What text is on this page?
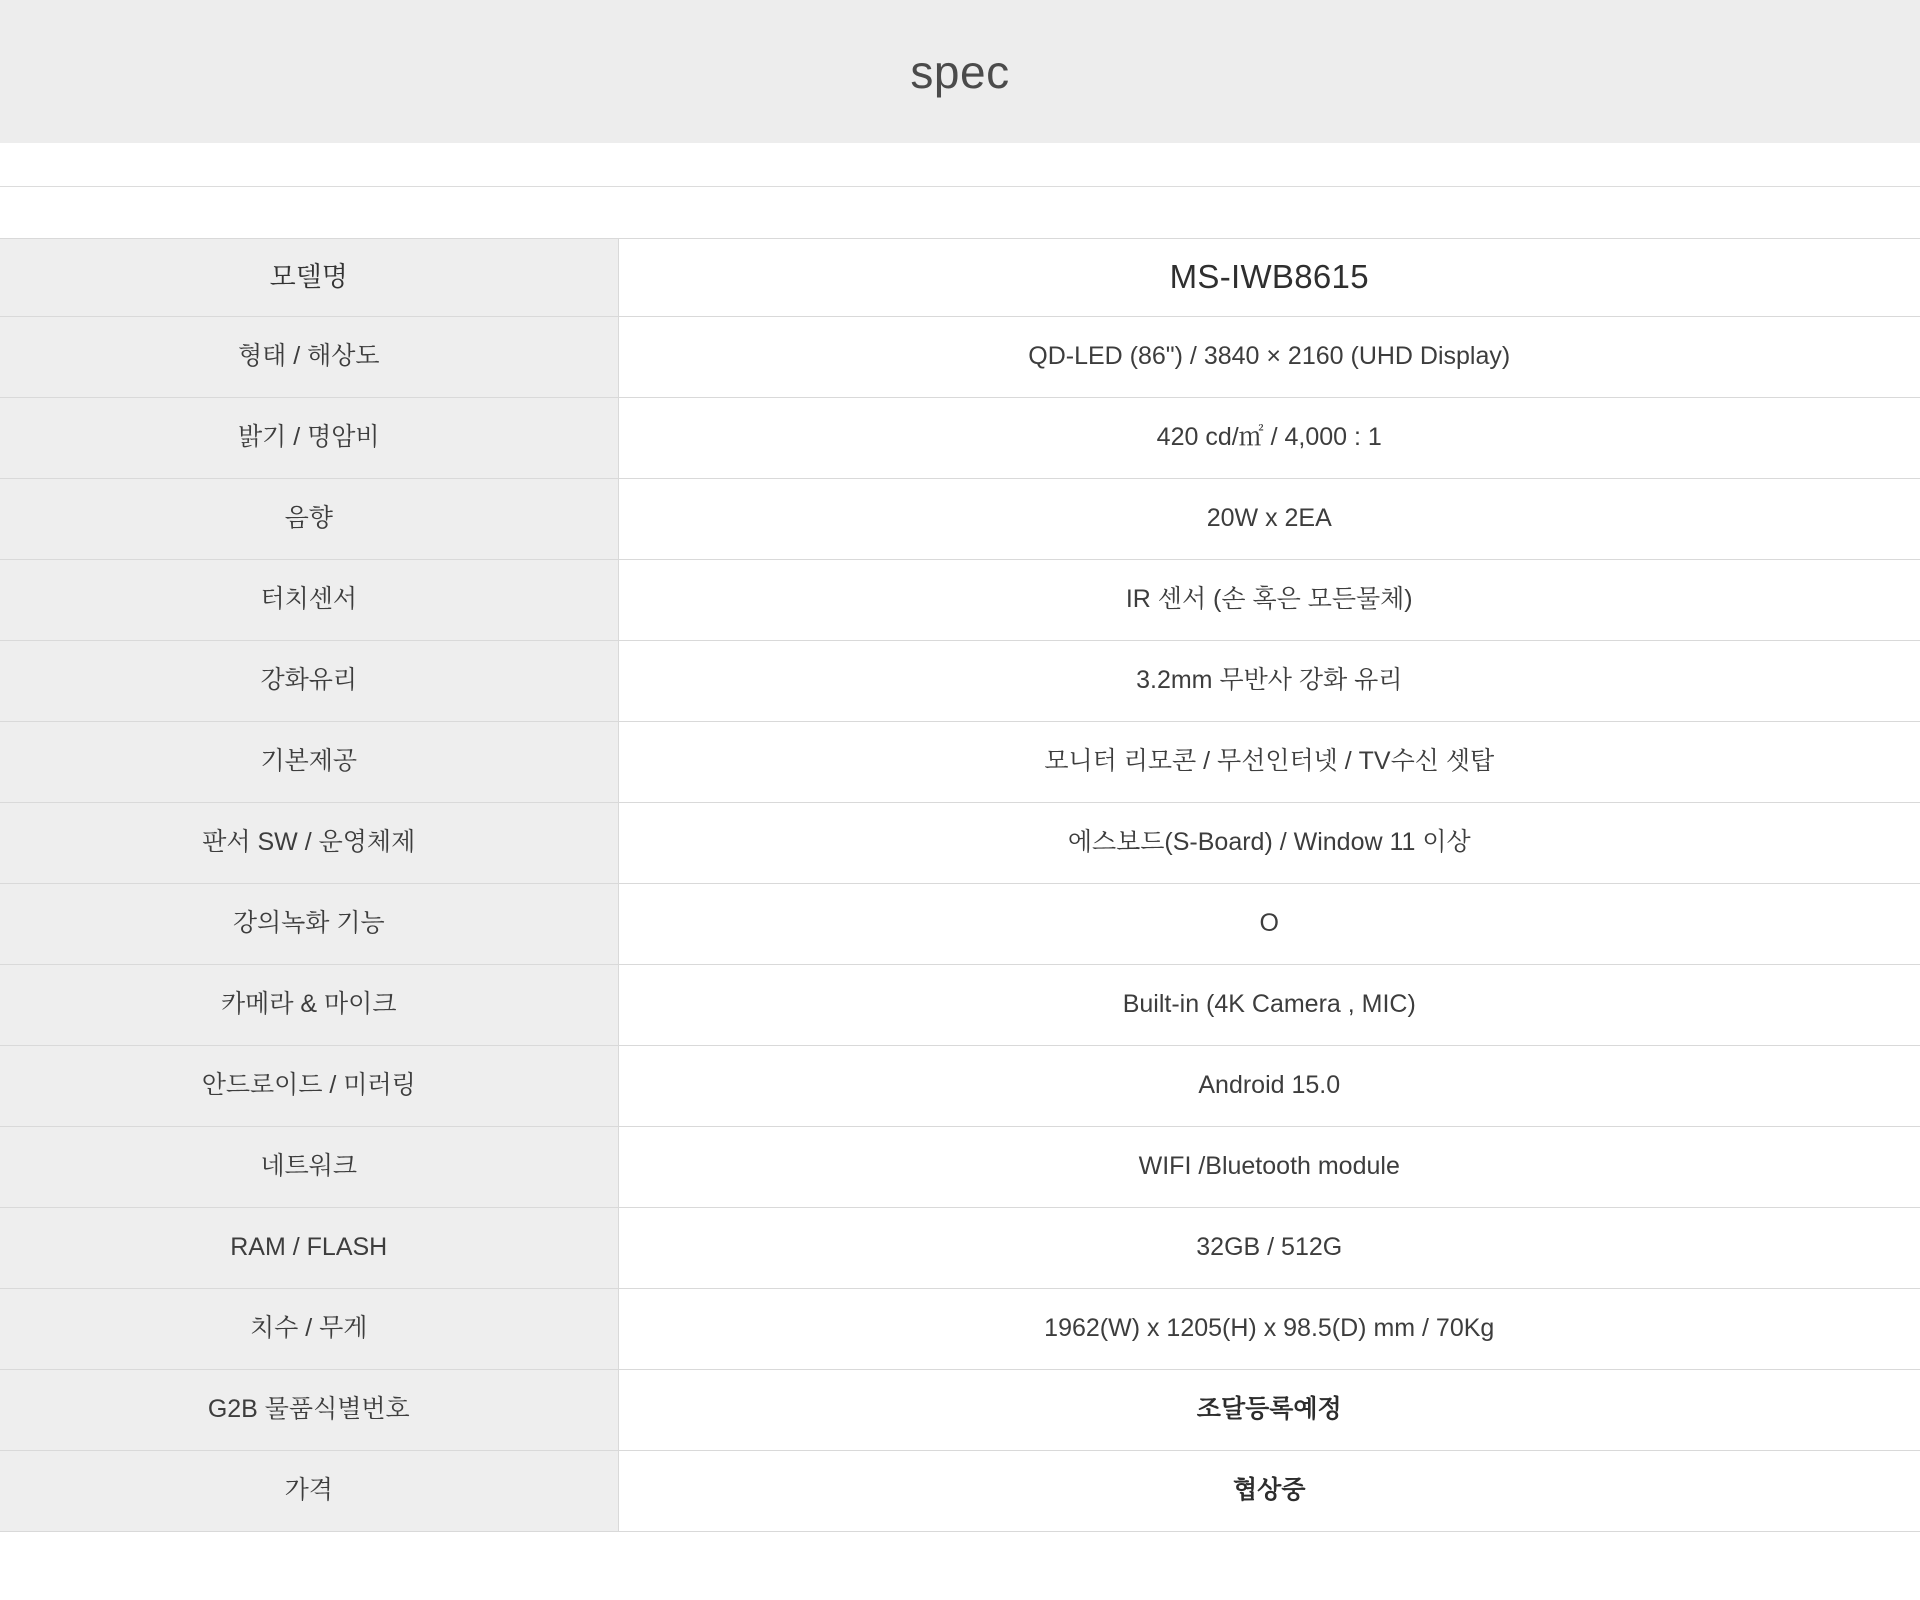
spec
모델명	MS-IWB8615
형태 / 해상도	QD-LED (86") / 3840 × 2160 (UHD Display)
밝기 / 명암비	420 cd/㎡ / 4,000 : 1
음향	20W x 2EA
터치센서	IR 센서 (손 혹은 모든물체)
강화유리	3.2mm 무반사 강화 유리
기본제공	모니터 리모콘 / 무선인터넷 / TV수신 셋탑
판서 SW / 운영체제	에스보드(S-Board) / Window 11 이상
강의녹화 기능	O
카메라 & 마이크	Built-in (4K Camera , MIC)
안드로이드 / 미러링	Android 15.0
네트워크	WIFI /Bluetooth module
RAM / FLASH	32GB / 512G
치수 / 무게	1962(W) x 1205(H) x 98.5(D) mm / 70Kg
G2B 물품식별번호	조달등록예정
가격	협상중
